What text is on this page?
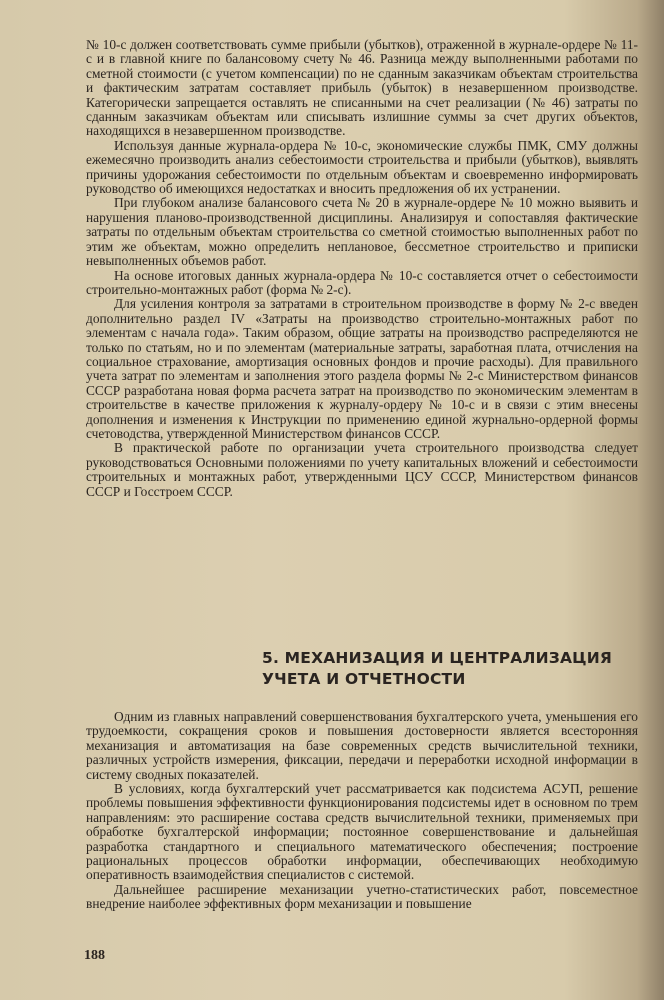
№ 10-с должен соответствовать сумме прибыли (убытков), отраженной в журнале-ордере № 11-с и в главной книге по балансовому счету № 46. Разница между выполненными работами по сметной стоимости (с учетом компенсации) по не сданным заказчикам объектам строительства и фактическим затратам составляет прибыль (убыток) в незавершенном производстве. Категорически запрещается оставлять не списанными на счет реализации (№ 46) затраты по сданным заказчикам объектам или списывать излишние суммы за счет других объектов, находящихся в незавершенном производстве.

Используя данные журнала-ордера № 10-с, экономические службы ПМК, СМУ должны ежемесячно производить анализ себестоимости строительства и прибыли (убытков), выявлять причины удорожания себестоимости по отдельным объектам и своевременно информировать руководство об имеющихся недостатках и вносить предложения об их устранении.

При глубоком анализе балансового счета № 20 в журнале-ордере № 10 можно выявить и нарушения планово-производственной дисциплины. Анализируя и сопоставляя фактические затраты по отдельным объектам строительства со сметной стоимостью выполненных работ по этим же объектам, можно определить неплановое, бессметное строительство и приписки невыполненных объемов работ.

На основе итоговых данных журнала-ордера № 10-с составляется отчет о себестоимости строительно-монтажных работ (форма № 2-с).

Для усиления контроля за затратами в строительном производстве в форму № 2-с введен дополнительно раздел IV «Затраты на производство строительно-монтажных работ по элементам с начала года». Таким образом, общие затраты на производство распределяются не только по статьям, но и по элементам (материальные затраты, заработная плата, отчисления на социальное страхование, амортизация основных фондов и прочие расходы). Для правильного учета затрат по элементам и заполнения этого раздела формы № 2-с Министерством финансов СССР разработана новая форма расчета затрат на производство по экономическим элементам в строительстве в качестве приложения к журналу-ордеру № 10-с и в связи с этим внесены дополнения и изменения к Инструкции по применению единой журнально-ордерной формы счетоводства, утвержденной Министерством финансов СССР.

В практической работе по организации учета строительного производства следует руководствоваться Основными положениями по учету капитальных вложений и себестоимости строительных и монтажных работ, утвержденными ЦСУ СССР, Министерством финансов СССР и Госстроем СССР.

5. МЕХАНИЗАЦИЯ И ЦЕНТРАЛИЗАЦИЯ
УЧЕТА И ОТЧЕТНОСТИ

Одним из главных направлений совершенствования бухгалтерского учета, уменьшения его трудоемкости, сокращения сроков и повышения достоверности является всесторонняя механизация и автоматизация на базе современных средств вычислительной техники, различных устройств измерения, фиксации, передачи и переработки исходной информации в систему сводных показателей.

В условиях, когда бухгалтерский учет рассматривается как подсистема АСУП, решение проблемы повышения эффективности функционирования подсистемы идет в основном по трем направлениям: это расширение состава средств вычислительной техники, применяемых при обработке бухгалтерской информации; постоянное совершенствование и дальнейшая разработка стандартного и специального математического обеспечения; построение рациональных процессов обработки информации, обеспечивающих необходимую оперативность взаимодействия специалистов с системой.

Дальнейшее расширение механизации учетно-статистических работ, повсеместное внедрение наиболее эффективных форм механизации и повышение

188
